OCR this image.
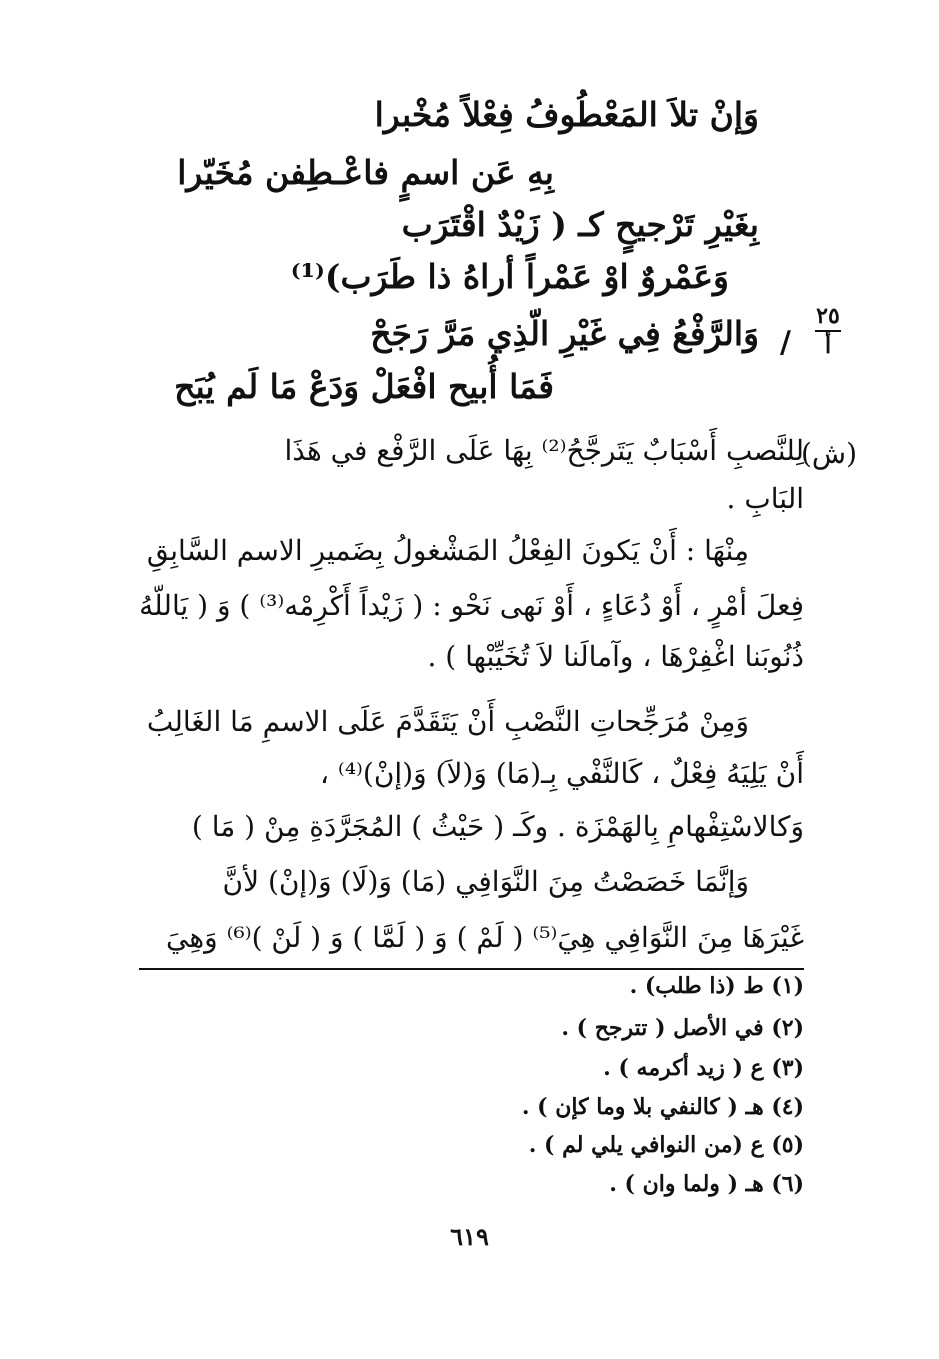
وَإنْ تلاَ المَعْطُوفُ فِعْلاً مُخْبرا
بِهِ عَن اسمٍ فاعْـطِفن مُخَيّرا
بِغَيْرِ تَرْجيحٍ كـ ( زَيْدٌ اقْتَرَب
وَعَمْروٌ اوْ عَمْراً أراهُ ذا طَرَب)⁽¹⁾
٢٥
أ
/
وَالرَّفْعُ فِي غَيْرِ الّذِي مَرَّ رَجَحْ
فَمَا أُبيح افْعَلْ وَدَعْ مَا لَم يُبَح
(ش)
لِلنَّصبِ أَسْبَابٌ يَتَرجَّحُ⁽²⁾ بِهَا عَلَى الرَّفْع في هَذَا
البَابِ .
مِنْهَا : أَنْ يَكونَ الفِعْلُ المَشْغولُ بِضَميرِ الاسم السَّابِقِ
فِعلَ أمْرٍ ، أَوْ دُعَاءٍ ، أَوْ نَهى نَحْو : ( زَيْداً أَكْرِمْه⁽³⁾ ) وَ ( يَاللّهُ
ذُنُوبَنا اغْفِرْهَا ، وآمالَنا لاَ تُخَيِّبْها ) .
وَمِنْ مُرَجِّحاتِ النَّصْبِ أَنْ يَتَقَدَّمَ عَلَى الاسمِ مَا الغَالِبُ
أَنْ يَلِيَهُ فِعْلٌ ، كَالنَّفْي بِـ(مَا) وَ(لاَ) وَ(إنْ)⁽⁴⁾ ،
وَكالاسْتِفْهامِ بِالهَمْزَة . وكَـ ( حَيْثُ ) المُجَرَّدَةِ مِنْ ( مَا )
وَإنَّمَا خَصَصْتُ مِنَ النَّوَافِي (مَا) وَ(لَا) وَ(إنْ) لأنَّ
غَيْرَهَا مِنَ النَّوَافِي هِيَ⁽⁵⁾ ( لَمْ ) وَ ( لَمَّا ) وَ ( لَنْ )⁽⁶⁾ وَهِيَ
(١) ط (ذا طلب) .
(٢) في الأصل ( تترجح ) .
(٣) ع ( زيد أكرمه ) .
(٤) هـ ( كالنفي بلا وما كإن ) .
(٥) ع (من النوافي يلي لم ) .
(٦) هـ ( ولما وان ) .
٦١٩
